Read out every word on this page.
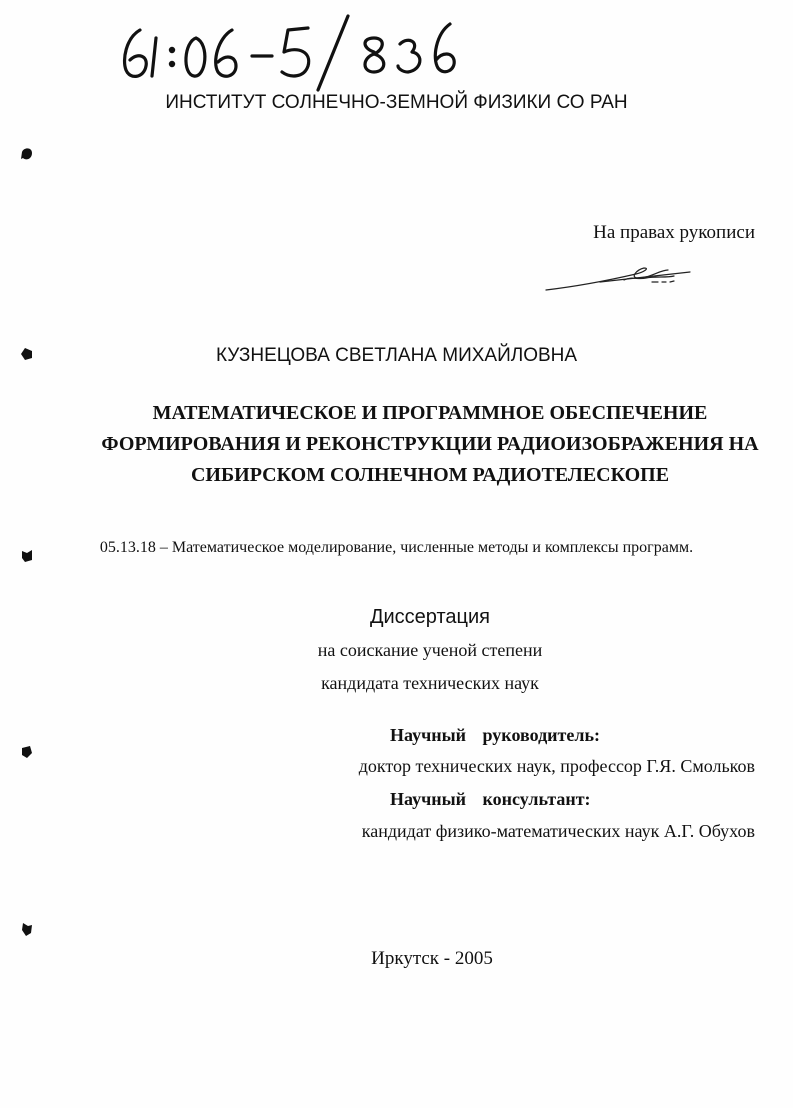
ИНСТИТУТ СОЛНЕЧНО-ЗЕМНОЙ ФИЗИКИ СО РАН
На правах рукописи
КУЗНЕЦОВА СВЕТЛАНА МИХАЙЛОВНА
МАТЕМАТИЧЕСКОЕ И ПРОГРАММНОЕ ОБЕСПЕЧЕНИЕ
ФОРМИРОВАНИЯ И РЕКОНСТРУКЦИИ РАДИОИЗОБРАЖЕНИЯ НА
СИБИРСКОМ СОЛНЕЧНОМ РАДИОТЕЛЕСКОПЕ
05.13.18 – Математическое моделирование, численные методы и комплексы программ.
Диссертация
на соискание ученой степени
кандидата технических наук
Научный руководитель:
доктор технических наук, профессор Г.Я. Смольков
Научный консультант:
кандидат физико-математических наук А.Г. Обухов
Иркутск - 2005
